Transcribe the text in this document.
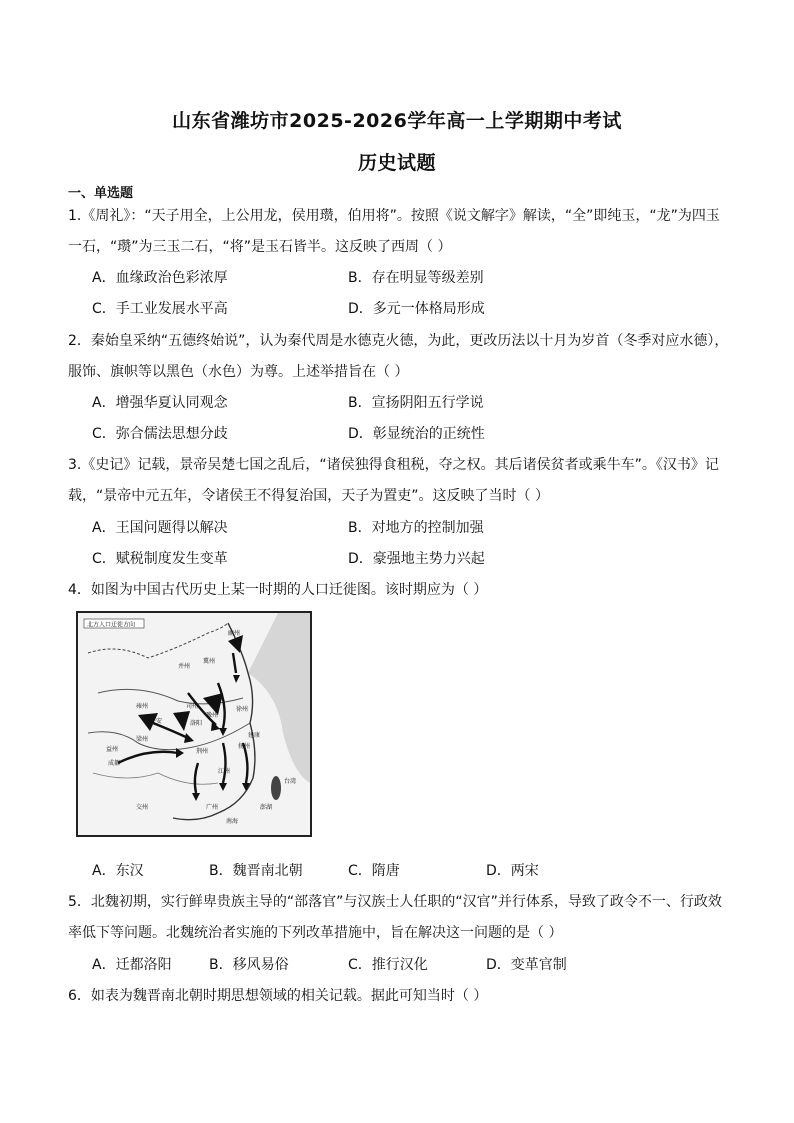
山东省潍坊市2025-2026学年高一上学期期中考试
历史试题
一、单选题
1.《周礼》：“天子用全，上公用龙，侯用瓒，伯用将”。按照《说文解字》解读，“全”即纯玉，“龙”为四玉
一石，“瓒”为三玉二石，“将”是玉石皆半。这反映了西周（ ）
A．血缘政治色彩浓厚	B．存在明显等级差别
C．手工业发展水平高	D．多元一体格局形成
2．秦始皇采纳“五德终始说”，认为秦代周是水德克火德，为此，更改历法以十月为岁首（冬季对应水德），
服饰、旗帜等以黑色（水色）为尊。上述举措旨在（ ）
A．增强华夏认同观念	B．宣扬阴阳五行学说
C．弥合儒法思想分歧	D．彰显统治的正统性
3.《史记》记载，景帝吴楚七国之乱后，“诸侯独得食租税，夺之权。其后诸侯贫者或乘牛车”。《汉书》记
载，“景帝中元五年，令诸侯王不得复治国，天子为置吏”。这反映了当时（ ）
A．王国问题得以解决	B．对地方的控制加强
C．赋税制度发生变革	D．豪强地主势力兴起
4．如图为中国古代历史上某一时期的人口迁徙图。该时期应为（ ）
北方人口迁徙方向
幽州
冀州
并州
司州
雍州
豫州
徐州
扬州
荆州
益州
梁州
江州
广州
交州
建康
洛阳
长安
成都
南海
台湾
澎湖
A．东汉	B．魏晋南北朝	C．隋唐	D．两宋
5．北魏初期，实行鲜卑贵族主导的“部落官”与汉族士人任职的“汉官”并行体系，导致了政令不一、行政效
率低下等问题。北魏统治者实施的下列改革措施中，旨在解决这一问题的是（ ）
A．迁都洛阳	B．移风易俗	C．推行汉化	D．变革官制
6．如表为魏晋南北朝时期思想领域的相关记载。据此可知当时（ ）
